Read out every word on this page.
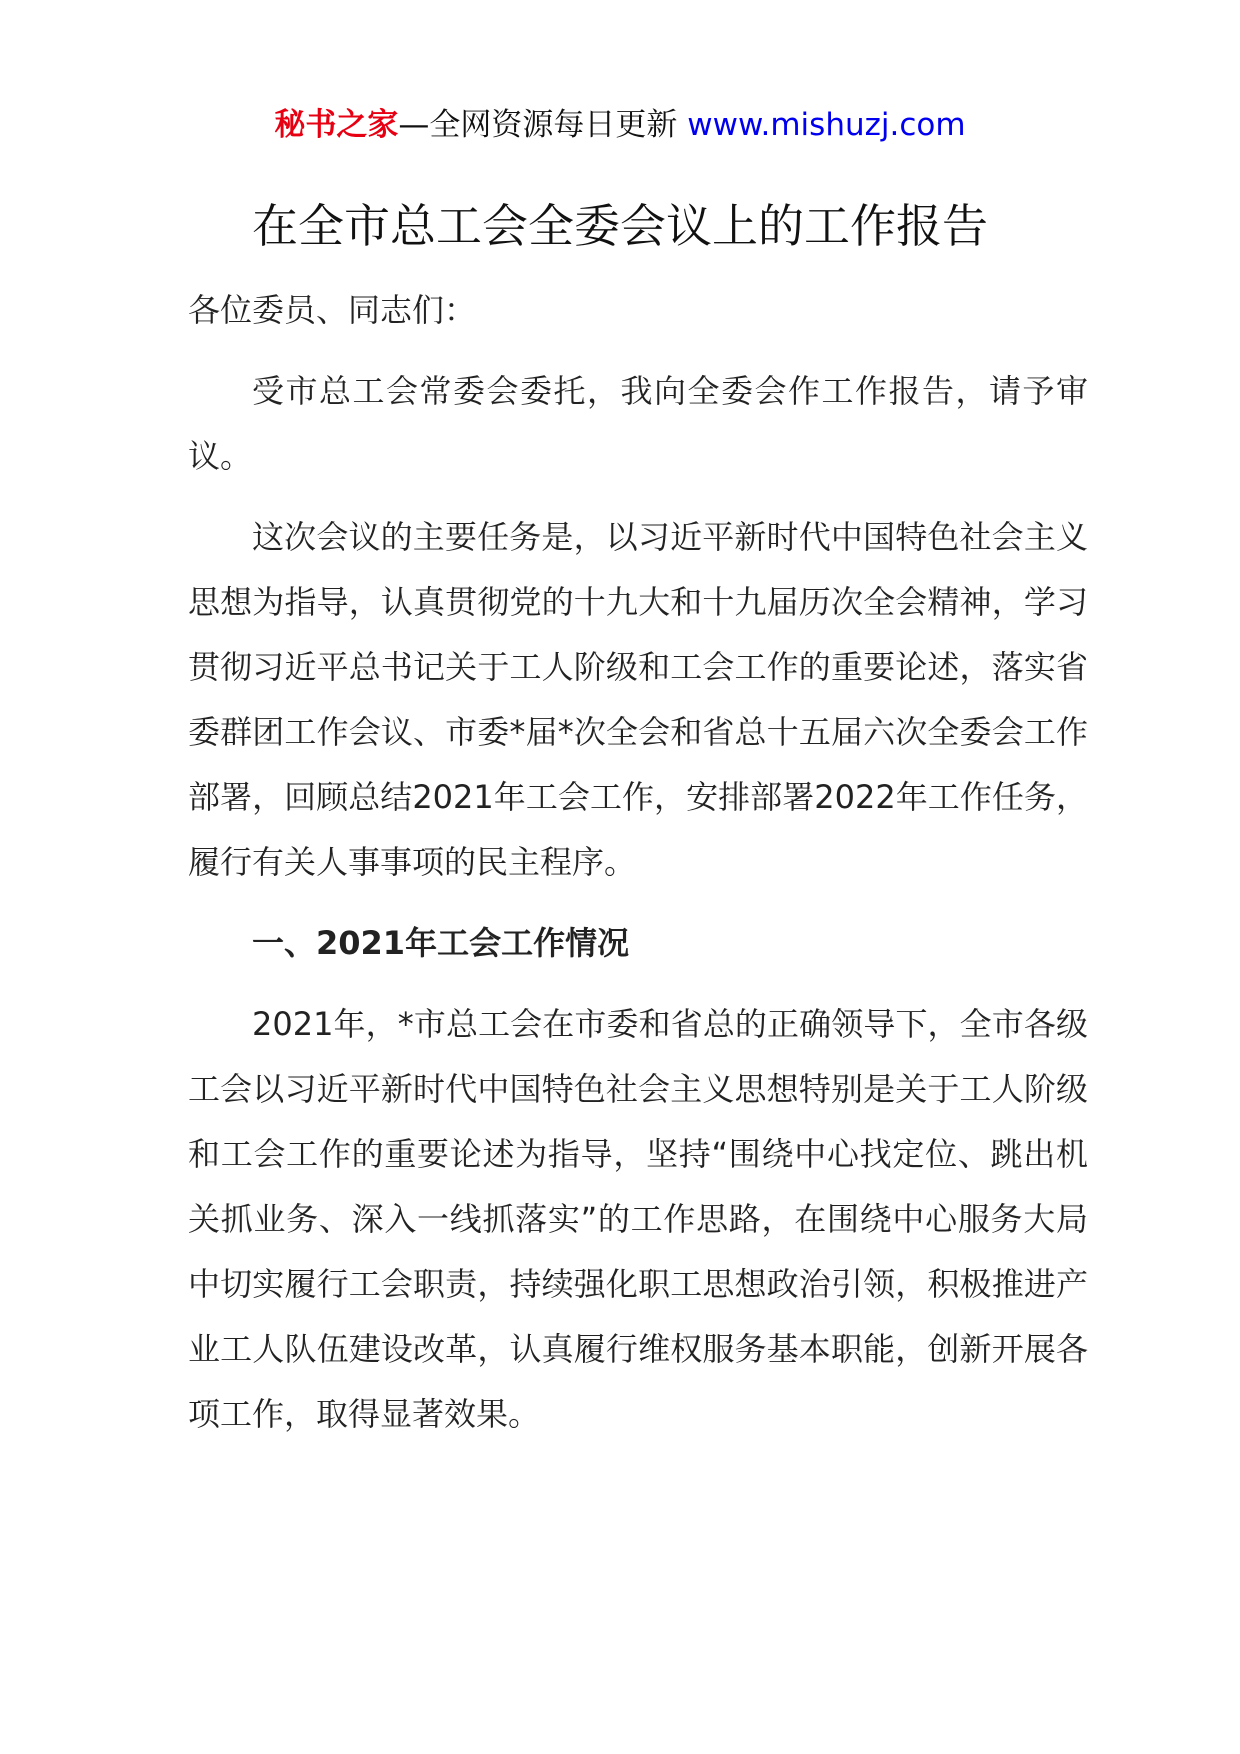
秘书之家—全网资源每日更新 www.mishuzj.com
在全市总工会全委会议上的工作报告

各位委员、同志们：

受市总工会常委会委托，我向全委会作工作报告，请予审议。

这次会议的主要任务是，以习近平新时代中国特色社会主义思想为指导，认真贯彻党的十九大和十九届历次全会精神，学习贯彻习近平总书记关于工人阶级和工会工作的重要论述，落实省委群团工作会议、市委*届*次全会和省总十五届六次全委会工作部署，回顾总结2021年工会工作，安排部署2022年工作任务，履行有关人事事项的民主程序。

一、2021年工会工作情况

2021年，*市总工会在市委和省总的正确领导下，全市各级工会以习近平新时代中国特色社会主义思想特别是关于工人阶级和工会工作的重要论述为指导，坚持“围绕中心找定位、跳出机关抓业务、深入一线抓落实”的工作思路，在围绕中心服务大局中切实履行工会职责，持续强化职工思想政治引领，积极推进产业工人队伍建设改革，认真履行维权服务基本职能，创新开展各项工作，取得显著效果。
